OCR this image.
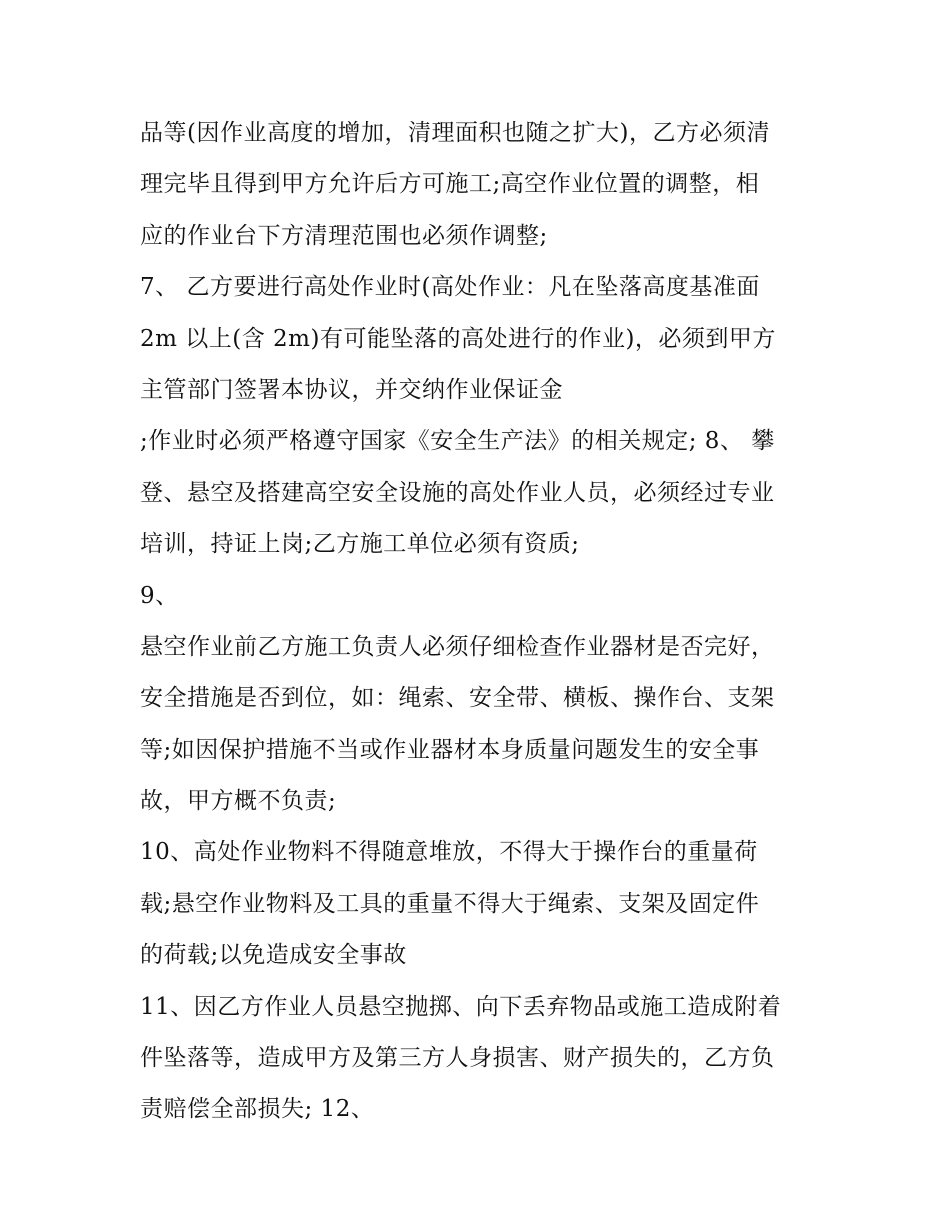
品等(因作业高度的增加，清理面积也随之扩大)，乙方必须清
理完毕且得到甲方允许后方可施工;高空作业位置的调整，相
应的作业台下方清理范围也必须作调整;
7、 乙方要进行高处作业时(高处作业：凡在坠落高度基准面
2m 以上(含 2m)有可能坠落的高处进行的作业)，必须到甲方
主管部门签署本协议，并交纳作业保证金
;作业时必须严格遵守国家《安全生产法》的相关规定; 8、 攀
登、悬空及搭建高空安全设施的高处作业人员，必须经过专业
培训，持证上岗;乙方施工单位必须有资质;
9、
悬空作业前乙方施工负责人必须仔细检查作业器材是否完好，
安全措施是否到位，如：绳索、安全带、横板、操作台、支架
等;如因保护措施不当或作业器材本身质量问题发生的安全事
故，甲方概不负责;
10、高处作业物料不得随意堆放，不得大于操作台的重量荷
载;悬空作业物料及工具的重量不得大于绳索、支架及固定件
的荷载;以免造成安全事故
11、因乙方作业人员悬空抛掷、向下丢弃物品或施工造成附着
件坠落等，造成甲方及第三方人身损害、财产损失的，乙方负
责赔偿全部损失; 12、
